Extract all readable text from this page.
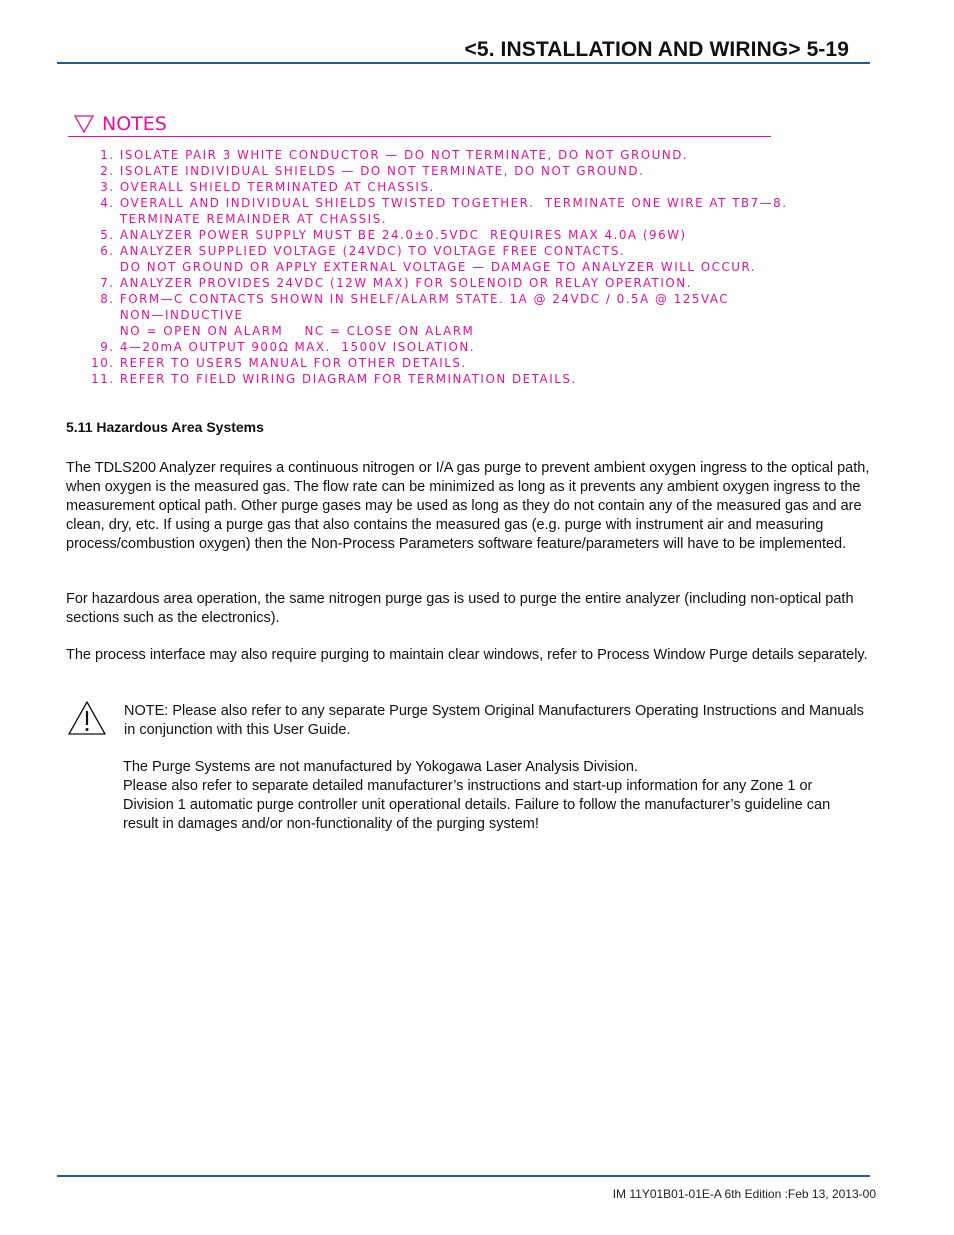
<5. INSTALLATION AND WIRING> 5-19
NOTES
1. ISOLATE PAIR 3 WHITE CONDUCTOR — DO NOT TERMINATE, DO NOT GROUND.
2. ISOLATE INDIVIDUAL SHIELDS — DO NOT TERMINATE, DO NOT GROUND.
3. OVERALL SHIELD TERMINATED AT CHASSIS.
4. OVERALL AND INDIVIDUAL SHIELDS TWISTED TOGETHER.  TERMINATE ONE WIRE AT TB7—8.
TERMINATE REMAINDER AT CHASSIS.
5. ANALYZER POWER SUPPLY MUST BE 24.0±0.5VDC  REQUIRES MAX 4.0A (96W)
6. ANALYZER SUPPLIED VOLTAGE (24VDC) TO VOLTAGE FREE CONTACTS.
DO NOT GROUND OR APPLY EXTERNAL VOLTAGE — DAMAGE TO ANALYZER WILL OCCUR.
7. ANALYZER PROVIDES 24VDC (12W MAX) FOR SOLENOID OR RELAY OPERATION.
8. FORM—C CONTACTS SHOWN IN SHELF/ALARM STATE. 1A @ 24VDC / 0.5A @ 125VAC
NON—INDUCTIVE
NO = OPEN ON ALARM    NC = CLOSE ON ALARM
9. 4—20mA OUTPUT 900Ω MAX.  1500V ISOLATION.
10. REFER TO USERS MANUAL FOR OTHER DETAILS.
11. REFER TO FIELD WIRING DIAGRAM FOR TERMINATION DETAILS.
5.11 Hazardous Area Systems

The TDLS200 Analyzer requires a continuous nitrogen or I/A gas purge to prevent ambient oxygen ingress to the optical path, when oxygen is the measured gas. The flow rate can be minimized as long as it prevents any ambient oxygen ingress to the measurement optical path. Other purge gases may be used as long as they do not contain any of the measured gas and are clean, dry, etc. If using a purge gas that also contains the measured gas (e.g. purge with instrument air and measuring process/combustion oxygen) then the Non-Process Parameters software feature/parameters will have to be implemented.

For hazardous area operation, the same nitrogen purge gas is used to purge the entire analyzer (including non-optical path sections such as the electronics).

The process interface may also require purging to maintain clear windows, refer to Process Window Purge details separately.

NOTE: Please also refer to any separate Purge System Original Manufacturers Operating Instructions and Manuals in conjunction with this User Guide.

The Purge Systems are not manufactured by Yokogawa Laser Analysis Division.

Please also refer to separate detailed manufacturer’s instructions and start-up information for any Zone 1 or Division 1 automatic purge controller unit operational details. Failure to follow the manufacturer’s guideline can result in damages and/or non-functionality of the purging system!

IM 11Y01B01-01E-A 6th Edition :Feb 13, 2013-00
